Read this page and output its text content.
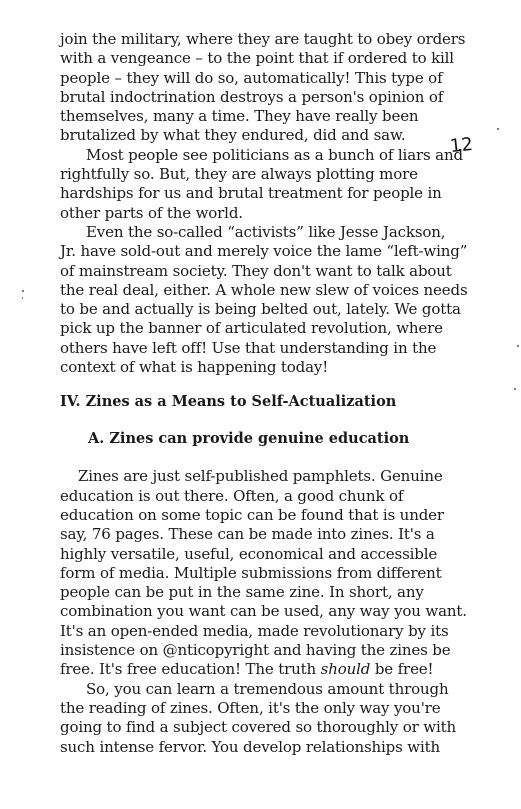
join the military, where they are taught to obey orders
with a vengeance – to the point that if ordered to kill
people – they will do so, automatically! This type of
brutal indoctrination destroys a person's opinion of
themselves, many a time. They have really been
brutalized by what they endured, did and saw.
Most people see politicians as a bunch of liars and
rightfully so. But, they are always plotting more
hardships for us and brutal treatment for people in
other parts of the world.
Even the so-called “activists” like Jesse Jackson,
Jr. have sold-out and merely voice the lame “left-wing”
of mainstream society. They don't want to talk about
the real deal, either. A whole new slew of voices needs
to be and actually is being belted out, lately. We gotta
pick up the banner of articulated revolution, where
others have left off! Use that understanding in the
context of what is happening today!
IV. Zines as a Means to Self-Actualization
A. Zines can provide genuine education
Zines are just self-published pamphlets. Genuine
education is out there. Often, a good chunk of
education on some topic can be found that is under
say, 76 pages. These can be made into zines. It's a
highly versatile, useful, economical and accessible
form of media. Multiple submissions from different
people can be put in the same zine. In short, any
combination you want can be used, any way you want.
It's an open-ended media, made revolutionary by its
insistence on @nticopyright and having the zines be
free. It's free education! The truth should be free!
So, you can learn a tremendous amount through
the reading of zines. Often, it's the only way you're
going to find a subject covered so thoroughly or with
such intense fervor. You develop relationships with
12
